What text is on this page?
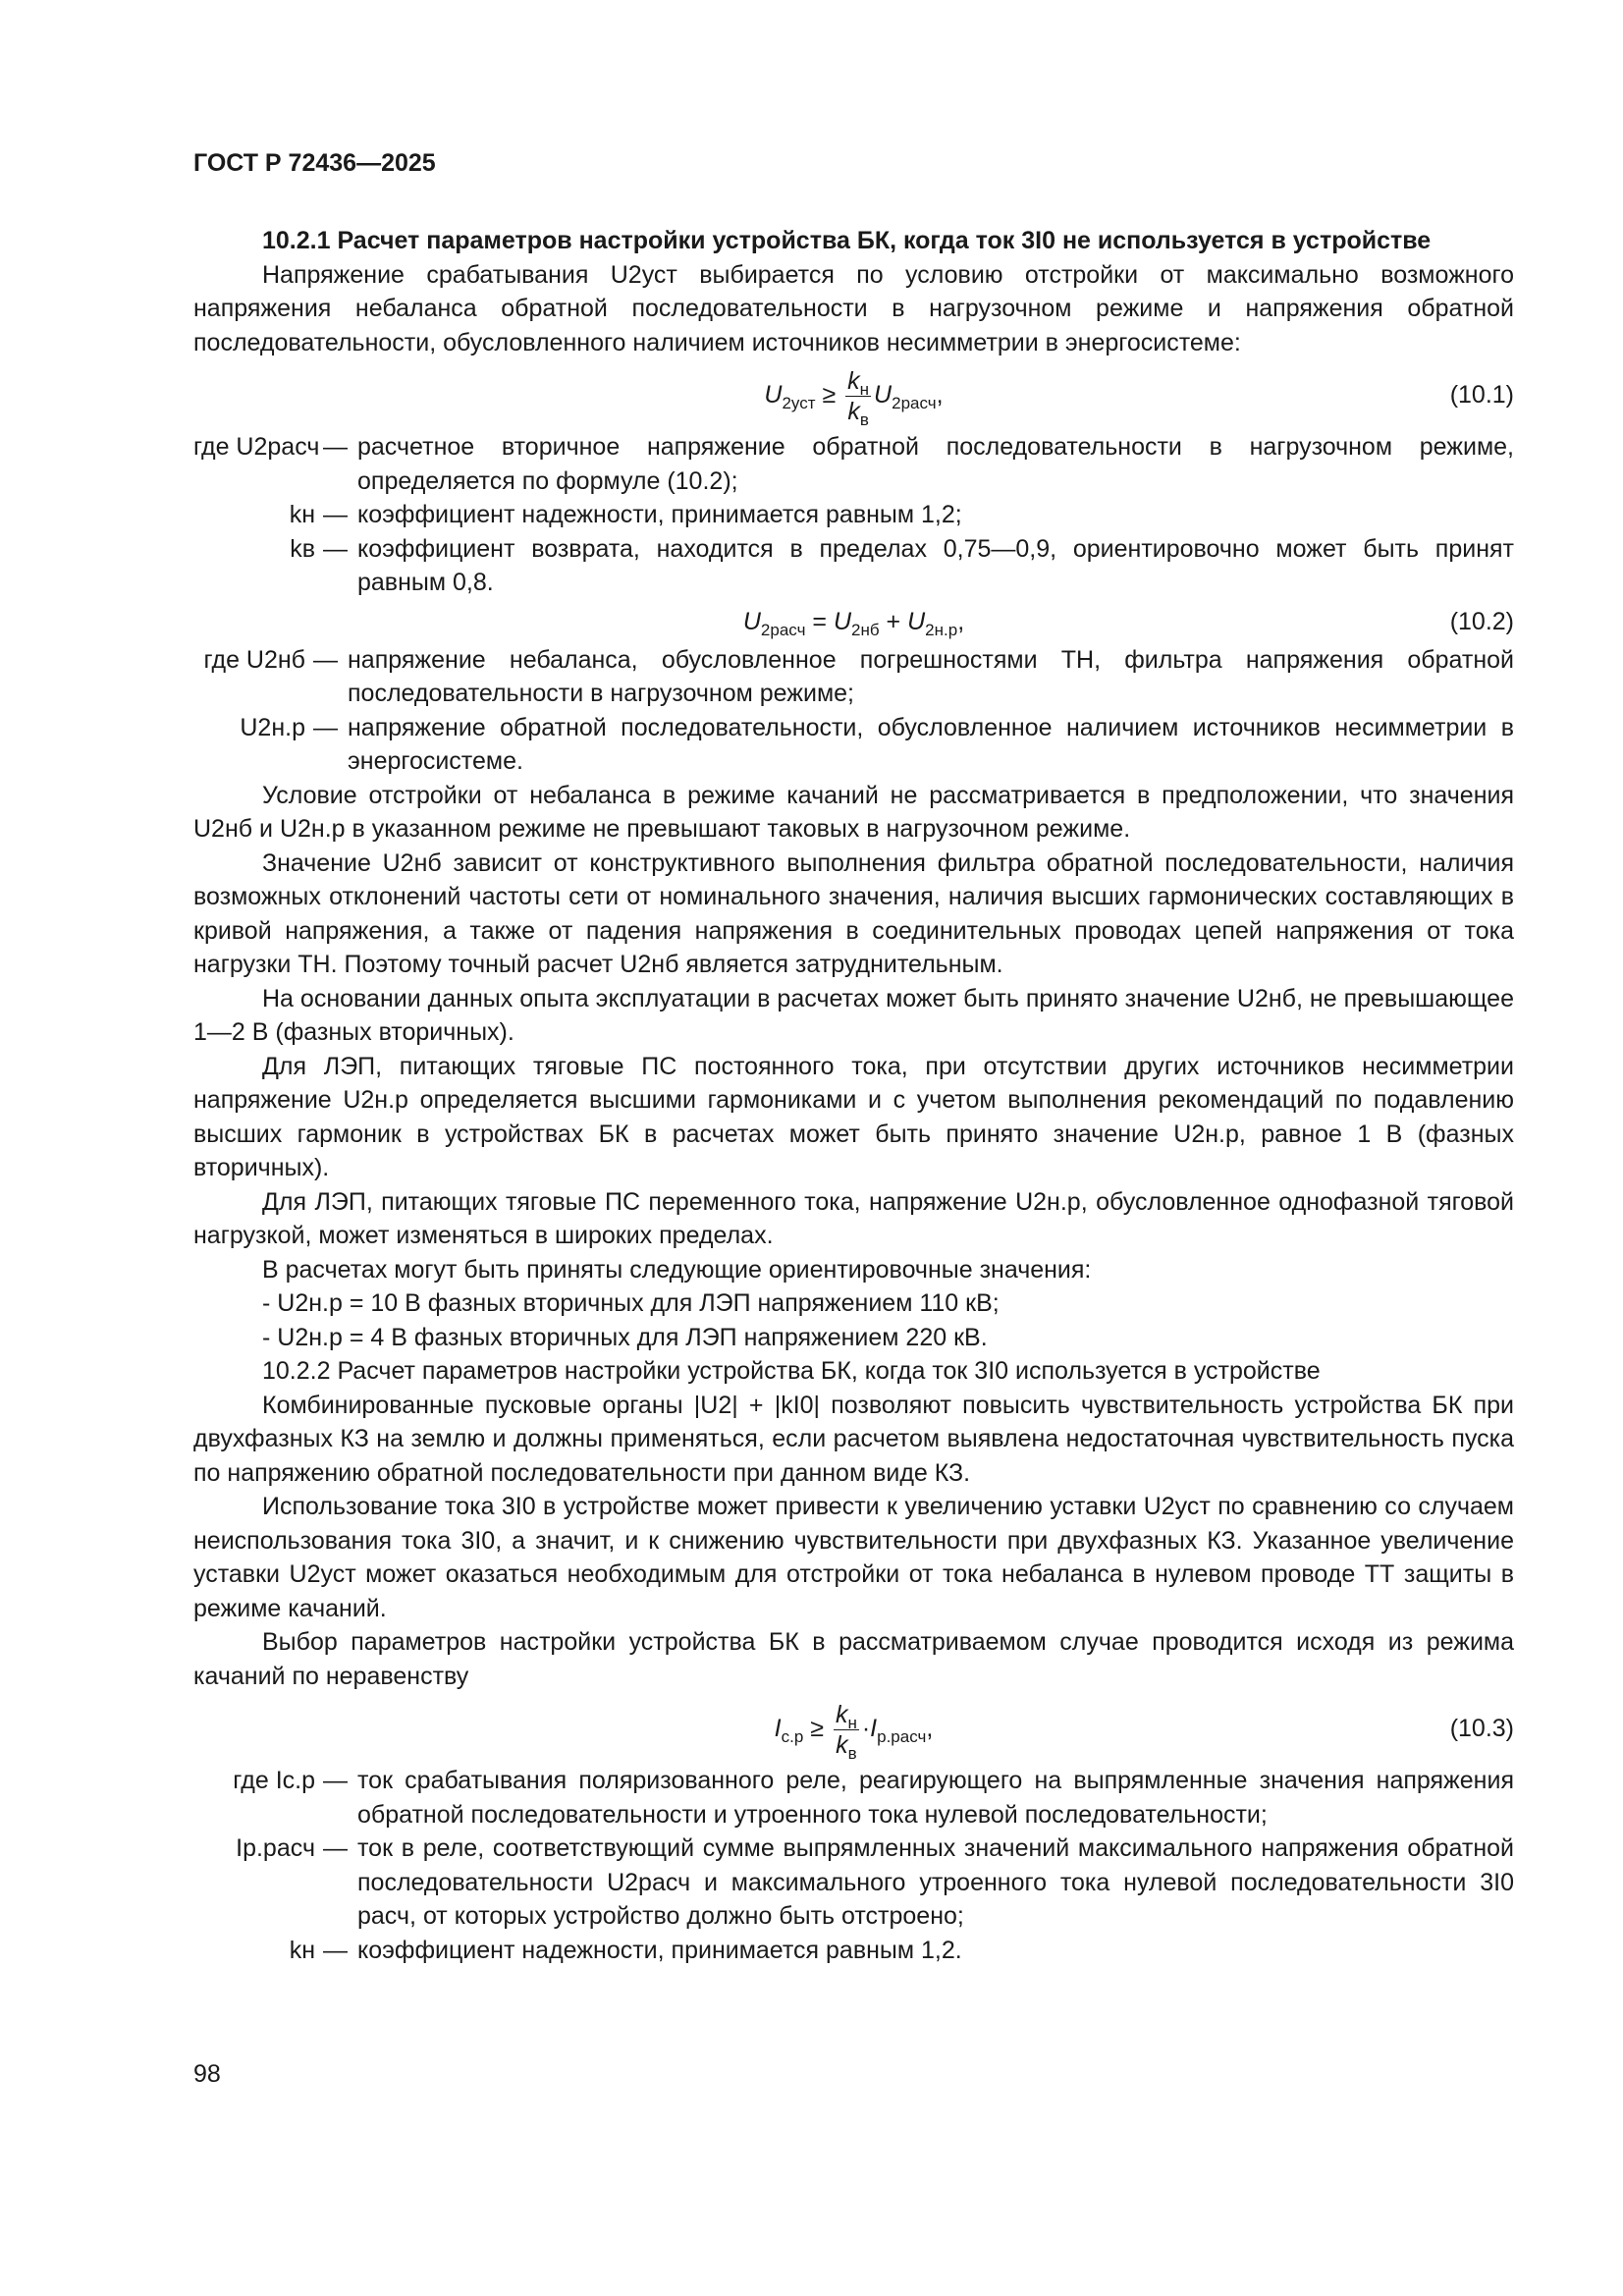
ГОСТ Р 72436—2025

10.2.1 Расчет параметров настройки устройства БК, когда ток 3I0 не используется в устройстве

Напряжение срабатывания U2уст выбирается по условию отстройки от максимально возможного напряжения небаланса обратной последовательности в нагрузочном режиме и напряжения обратной последовательности, обусловленного наличием источников несимметрии в энергосистеме:

$U_{2уст} \ge \frac{k_н}{k_в} U_{2расч}$,	(10.1)
где U2расч — расчетное вторичное напряжение обратной последовательности в нагрузочном режиме, определяется по формуле (10.2);
kн — коэффициент надежности, принимается равным 1,2;
kв — коэффициент возврата, находится в пределах 0,75—0,9, ориентировочно может быть принят равным 0,8.
$U_{2расч} = U_{2нб} + U_{2н.р}$,	(10.2)
где U2нб — напряжение небаланса, обусловленное погрешностями ТН, фильтра напряжения обратной последовательности в нагрузочном режиме;
U2н.р — напряжение обратной последовательности, обусловленное наличием источников несимметрии в энергосистеме.

Условие отстройки от небаланса в режиме качаний не рассматривается в предположении, что значения U2нб и U2н.р в указанном режиме не превышают таковых в нагрузочном режиме.

Значение U2нб зависит от конструктивного выполнения фильтра обратной последовательности, наличия возможных отклонений частоты сети от номинального значения, наличия высших гармонических составляющих в кривой напряжения, а также от падения напряжения в соединительных проводах цепей напряжения от тока нагрузки ТН. Поэтому точный расчет U2нб является затруднительным.

На основании данных опыта эксплуатации в расчетах может быть принято значение U2нб, не превышающее 1—2 В (фазных вторичных).

Для ЛЭП, питающих тяговые ПС постоянного тока, при отсутствии других источников несимметрии напряжение U2н.р определяется высшими гармониками и с учетом выполнения рекомендаций по подавлению высших гармоник в устройствах БК в расчетах может быть принято значение U2н.р, равное 1 В (фазных вторичных).

Для ЛЭП, питающих тяговые ПС переменного тока, напряжение U2н.р, обусловленное однофазной тяговой нагрузкой, может изменяться в широких пределах.

В расчетах могут быть приняты следующие ориентировочные значения:

- U2н.р = 10 В фазных вторичных для ЛЭП напряжением 110 кВ;

- U2н.р = 4 В фазных вторичных для ЛЭП напряжением 220 кВ.

10.2.2 Расчет параметров настройки устройства БК, когда ток 3I0 используется в устройстве

Комбинированные пусковые органы |U2| + |kI0| позволяют повысить чувствительность устройства БК при двухфазных КЗ на землю и должны применяться, если расчетом выявлена недостаточная чувствительность пуска по напряжению обратной последовательности при данном виде КЗ.

Использование тока 3I0 в устройстве может привести к увеличению уставки U2уст по сравнению со случаем неиспользования тока 3I0, а значит, и к снижению чувствительности при двухфазных КЗ. Указанное увеличение уставки U2уст может оказаться необходимым для отстройки от тока небаланса в нулевом проводе ТТ защиты в режиме качаний.

Выбор параметров настройки устройства БК в рассматриваемом случае проводится исходя из режима качаний по неравенству

$I_{с.р} \ge \frac{k_н}{k_в} \cdot I_{р.расч}$,	(10.3)
где Iс.р — ток срабатывания поляризованного реле, реагирующего на выпрямленные значения напряжения обратной последовательности и утроенного тока нулевой последовательности;
Iр.расч — ток в реле, соответствующий сумме выпрямленных значений максимального напряжения обратной последовательности U2расч и максимального утроенного тока нулевой последовательности 3I0 расч, от которых устройство должно быть отстроено;
kн — коэффициент надежности, принимается равным 1,2.
98
